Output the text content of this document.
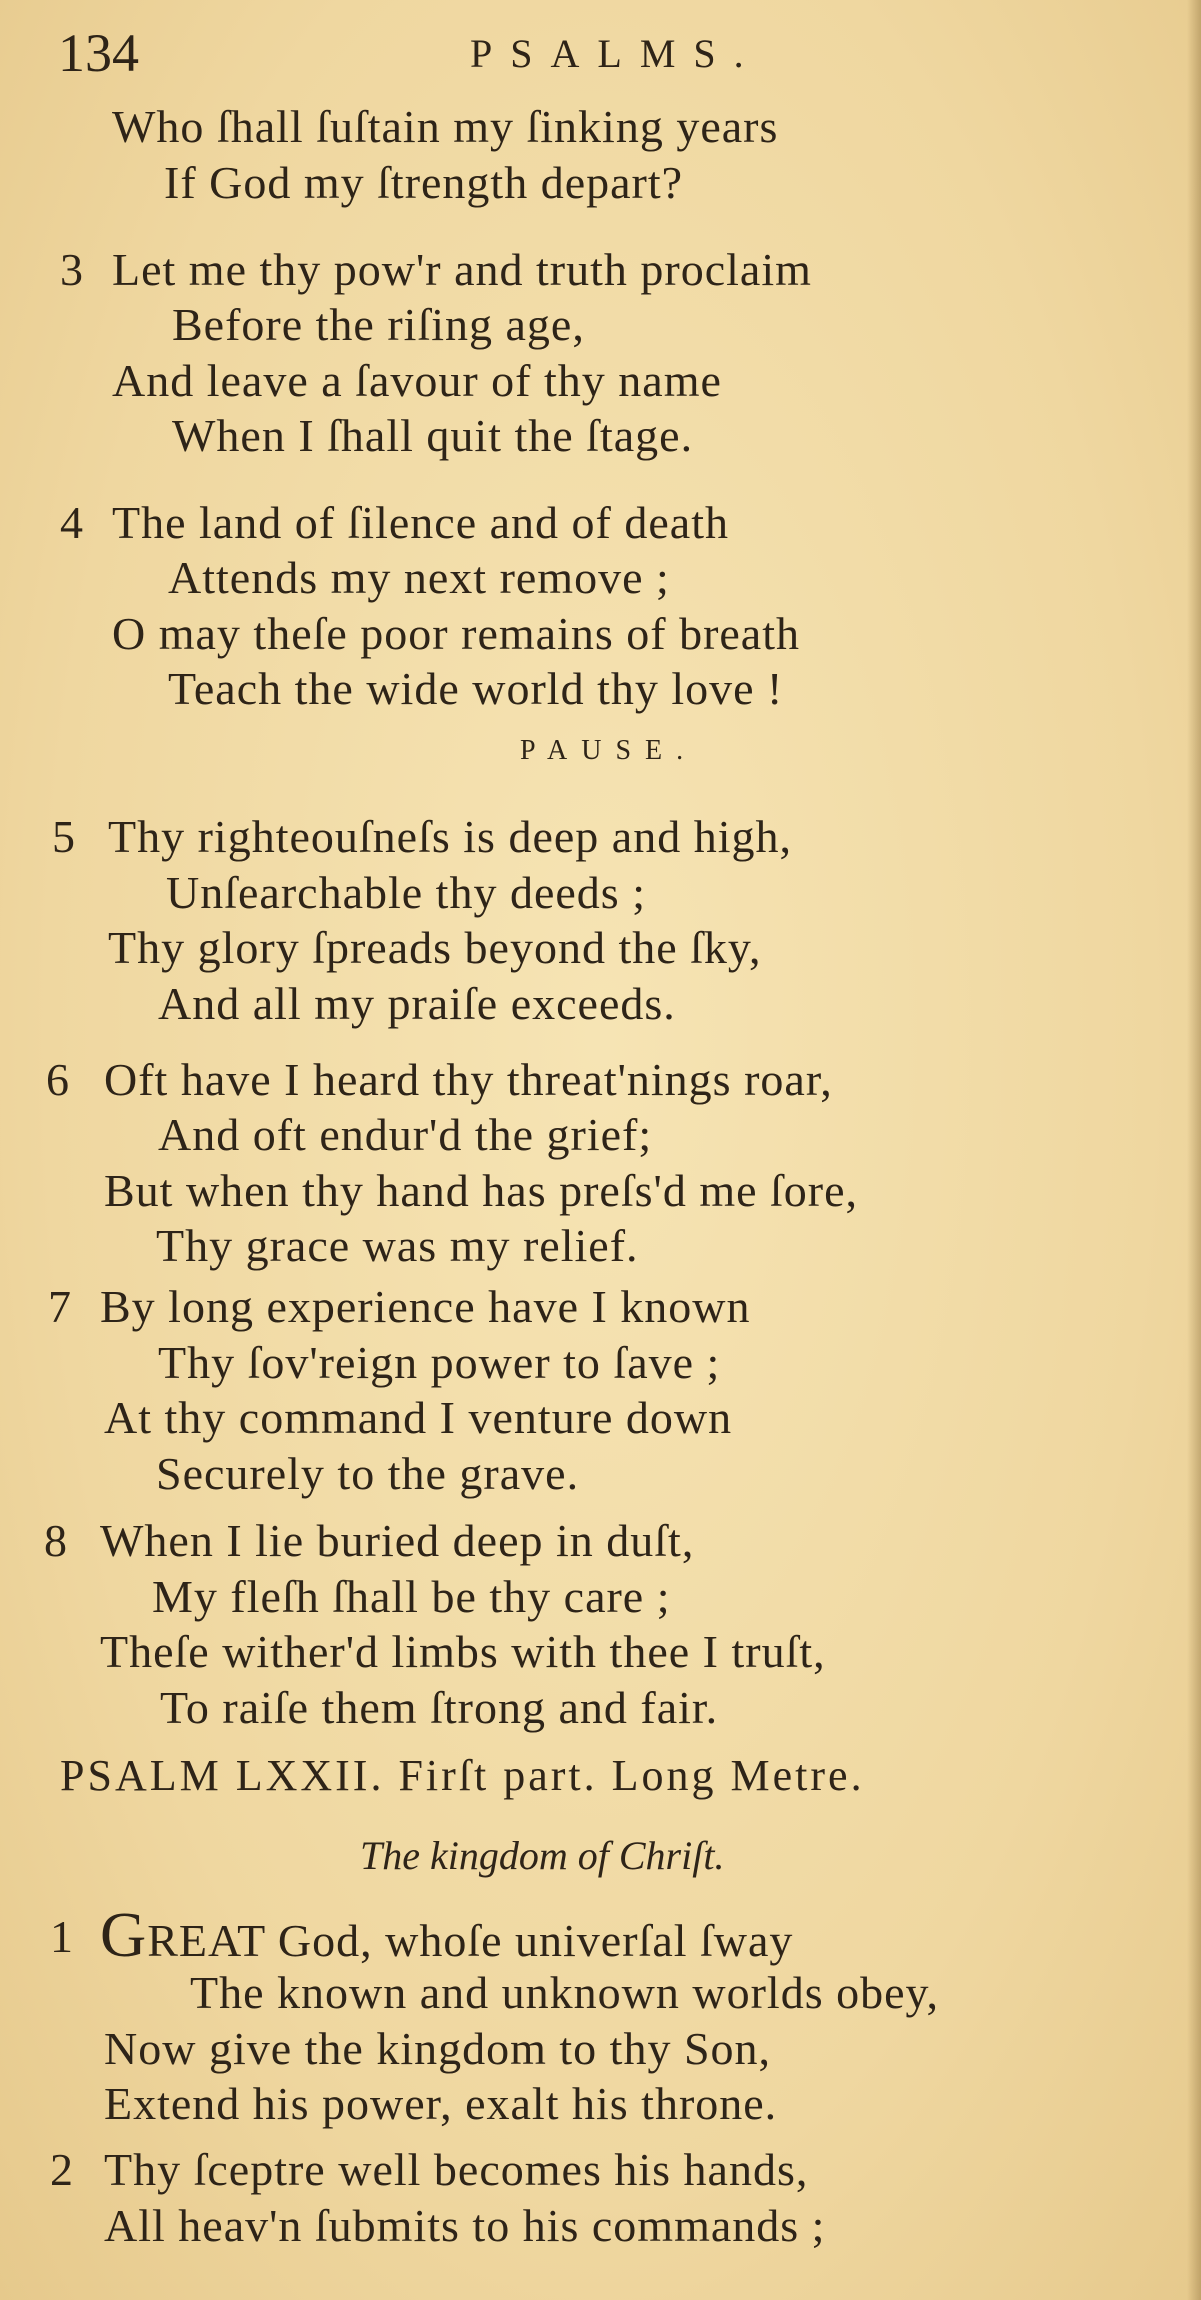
134	PSALMS.
Who ſhall ſuſtain my ſinking years
If God my ſtrength depart?
3 Let me thy pow'r and truth proclaim
Before the riſing age,
And leave a ſavour of thy name
When I ſhall quit the ſtage.
4 The land of ſilence and of death
Attends my next remove ;
O may theſe poor remains of breath
Teach the wide world thy love !
PAUSE.
5 Thy righteouſneſs is deep and high,
Unſearchable thy deeds ;
Thy glory ſpreads beyond the ſky,
And all my praiſe exceeds.
6 Oft have I heard thy threat'nings roar,
And oft endur'd the grief;
But when thy hand has preſs'd me ſore,
Thy grace was my relief.
7 By long experience have I known
Thy ſov'reign power to ſave ;
At thy command I venture down
Securely to the grave.
8 When I lie buried deep in duſt,
My fleſh ſhall be thy care ;
Theſe wither'd limbs with thee I truſt,
To raiſe them ſtrong and fair.
PSALM LXXII. Firſt part. Long Metre.
The kingdom of Chriſt.
1 GREAT God, whoſe univerſal ſway
The known and unknown worlds obey,
Now give the kingdom to thy Son,
Extend his power, exalt his throne.
2 Thy ſceptre well becomes his hands,
All heav'n ſubmits to his commands ;
